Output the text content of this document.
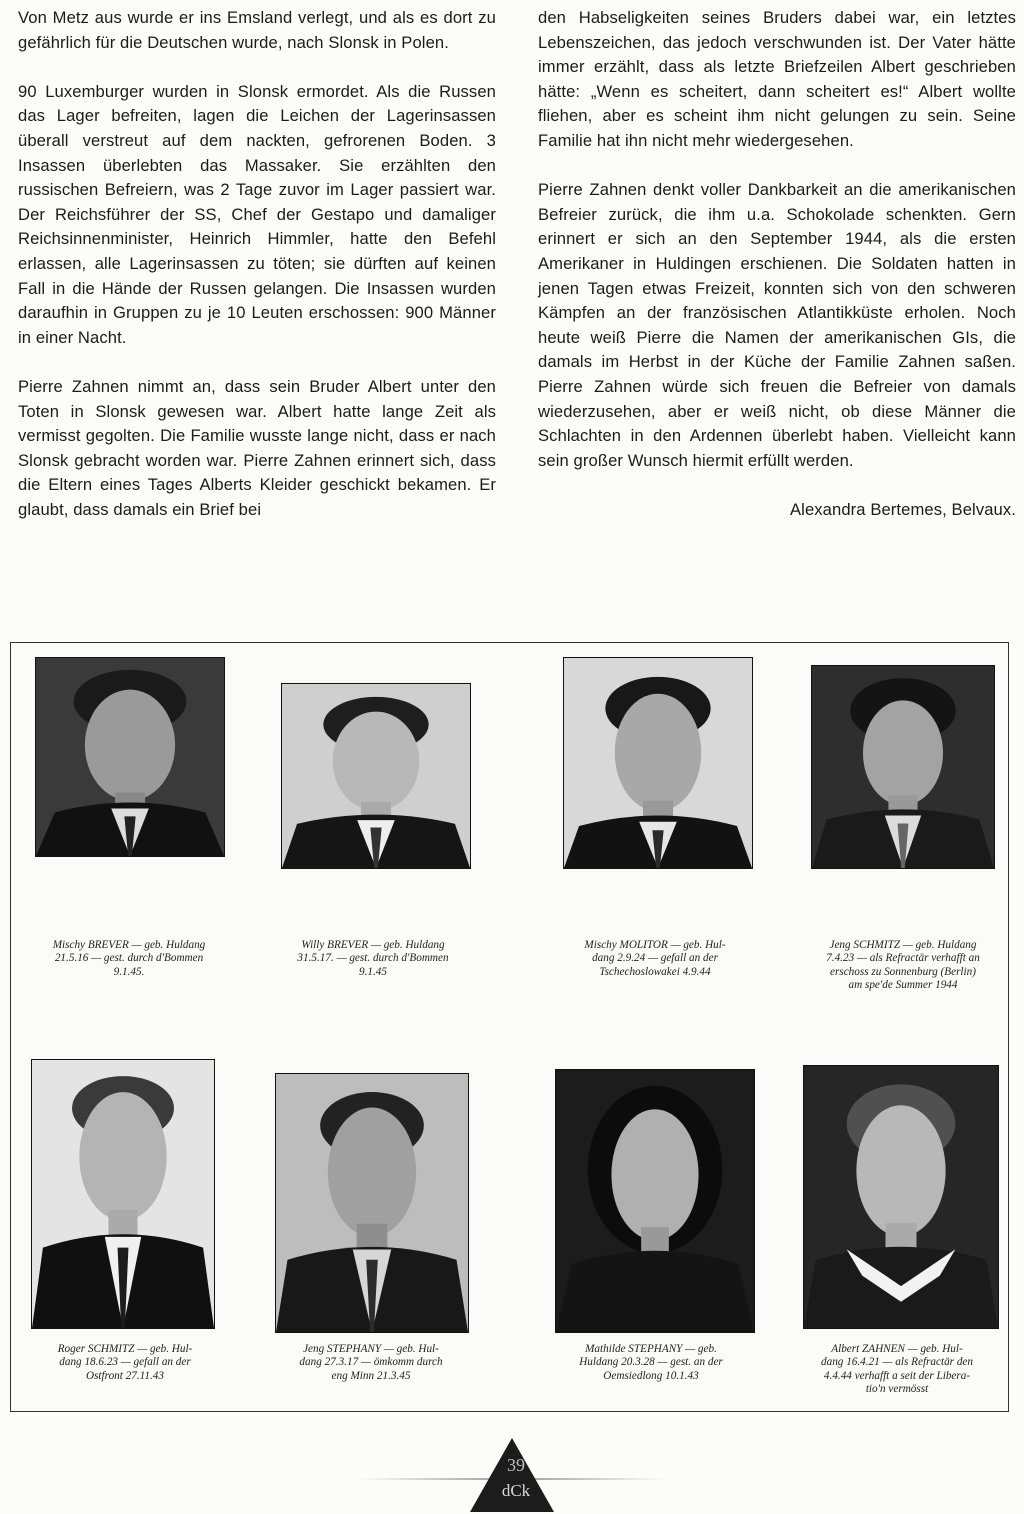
Von Metz aus wurde er ins Emsland verlegt, und als es dort zu gefährlich für die Deutschen wurde, nach Slonsk in Polen.

90 Luxemburger wurden in Slonsk ermordet. Als die Russen das Lager befreiten, lagen die Leichen der Lagerinsassen überall verstreut auf dem nackten, gefrorenen Boden. 3 Insassen überlebten das Massaker. Sie erzählten den russischen Befreiern, was 2 Tage zuvor im Lager passiert war. Der Reichsführer der SS, Chef der Gestapo und damaliger Reichsinnenminister, Heinrich Himmler, hatte den Befehl erlassen, alle Lagerinsassen zu töten; sie dürften auf keinen Fall in die Hände der Russen gelangen. Die Insassen wurden daraufhin in Gruppen zu je 10 Leuten erschossen: 900 Männer in einer Nacht.

Pierre Zahnen nimmt an, dass sein Bruder Albert unter den Toten in Slonsk gewesen war. Albert hatte lange Zeit als vermisst gegolten. Die Familie wusste lange nicht, dass er nach Slonsk gebracht worden war. Pierre Zahnen erinnert sich, dass die Eltern eines Tages Alberts Kleider geschickt bekamen. Er glaubt, dass damals ein Brief bei

den Habseligkeiten seines Bruders dabei war, ein letztes Lebenszeichen, das jedoch verschwunden ist. Der Vater hätte immer erzählt, dass als letzte Briefzeilen Albert geschrieben hätte: „Wenn es scheitert, dann scheitert es!“ Albert wollte fliehen, aber es scheint ihm nicht gelungen zu sein. Seine Familie hat ihn nicht mehr wiedergesehen.

Pierre Zahnen denkt voller Dankbarkeit an die amerikanischen Befreier zurück, die ihm u.a. Schokolade schenkten. Gern erinnert er sich an den September 1944, als die ersten Amerikaner in Huldingen erschienen. Die Soldaten hatten in jenen Tagen etwas Freizeit, konnten sich von den schweren Kämpfen an der französischen Atlantikküste erholen. Noch heute weiß Pierre die Namen der amerikanischen GIs, die damals im Herbst in der Küche der Familie Zahnen saßen. Pierre Zahnen würde sich freuen die Befreier von damals wiederzusehen, aber er weiß nicht, ob diese Männer die Schlachten in den Ardennen überlebt haben. Vielleicht kann sein großer Wunsch hiermit erfüllt werden.

Alexandra Bertemes, Belvaux.
Mischy BREVER — geb. Huldang
21.5.16 — gest. durch d'Bommen
9.1.45.
Willy BREVER — geb. Huldang
31.5.17. — gest. durch d'Bommen
9.1.45
Mischy MOLITOR — geb. Hul-
dang 2.9.24 — gefall an der
Tschechoslowakei 4.9.44
Jeng SCHMITZ — geb. Huldang
7.4.23 — als Refractär verhafft an
erschoss zu Sonnenburg (Berlin)
am spe'de Summer 1944
Roger SCHMITZ — geb. Hul-
dang 18.6.23 — gefall an der
Ostfront 27.11.43
Jeng STEPHANY — geb. Hul-
dang 27.3.17 — ömkomm durch
eng Minn 21.3.45
Mathilde STEPHANY — geb.
Huldang 20.3.28 — gest. an der
Oemsiedlong 10.1.43
Albert ZAHNEN — geb. Hul-
dang 16.4.21 — als Refractär den
4.4.44 verhafft a seit der Libera-
tio'n vermösst
39
dCk
